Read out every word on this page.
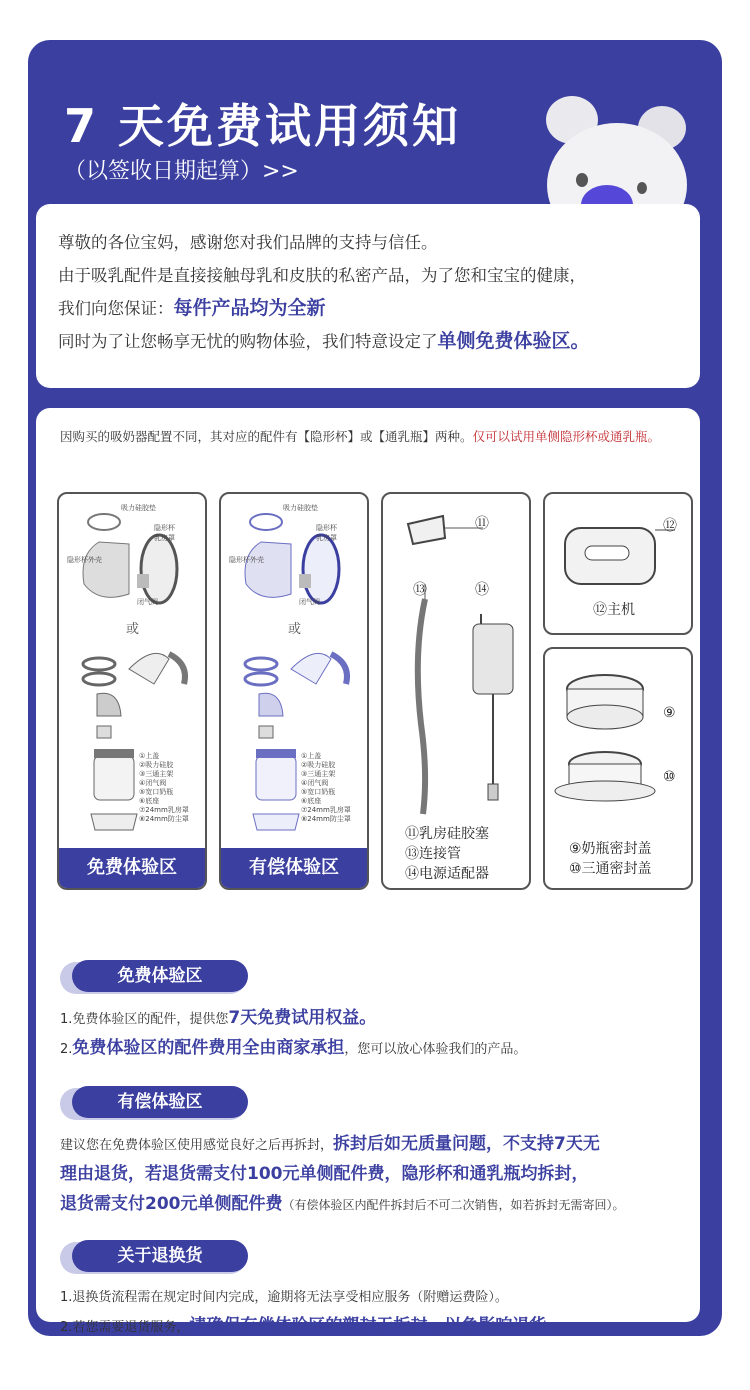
7 天免费试用须知
（以签收日期起算）>>

尊敬的各位宝妈，感谢您对我们品牌的支持与信任。

由于吸乳配件是直接接触母乳和皮肤的私密产品，为了您和宝宝的健康，

我们向您保证：每件产品均为全新

同时为了让您畅享无忧的购物体验，我们特意设定了单侧免费体验区。

因购买的吸奶器配置不同，其对应的配件有【隐形杯】或【通乳瓶】两种。仅可以试用单侧隐形杯或通乳瓶。
吸力硅胶垫
隐形杯
乳房罩
隐形杯外壳
闭气阀
或
①上盖
②吸力硅胶
③三通主架
④闭气阀
⑤宽口奶瓶
⑥底座
⑦24mm乳房罩
⑧24mm防尘罩
免费体验区
吸力硅胶垫
隐形杯
乳房罩
隐形杯外壳
闭气阀
或
①上盖
②吸力硅胶
③三通主架
④闭气阀
⑤宽口奶瓶
⑥底座
⑦24mm乳房罩
⑧24mm防尘罩
有偿体验区
⑪
⑬	⑭
⑪乳房硅胶塞
⑬连接管
⑭电源适配器
⑫
⑫主机
⑨
⑩
⑨奶瓶密封盖
⑩三通密封盖
免费体验区
1.免费体验区的配件，提供您7天免费试用权益。
2.免费体验区的配件费用全由商家承担，您可以放心体验我们的产品。
有偿体验区
建议您在免费体验区使用感觉良好之后再拆封，拆封后如无质量问题，不支持7天无
理由退货，若退货需支付100元单侧配件费，隐形杯和通乳瓶均拆封，
退货需支付200元单侧配件费（有偿体验区内配件拆封后不可二次销售，如若拆封无需寄回）。
关于退换货
1.退换货流程需在规定时间内完成，逾期将无法享受相应服务（附赠运费险）。
2.若您需要退货服务，请确保有偿体验区的塑封无拆封，以免影响退货。
